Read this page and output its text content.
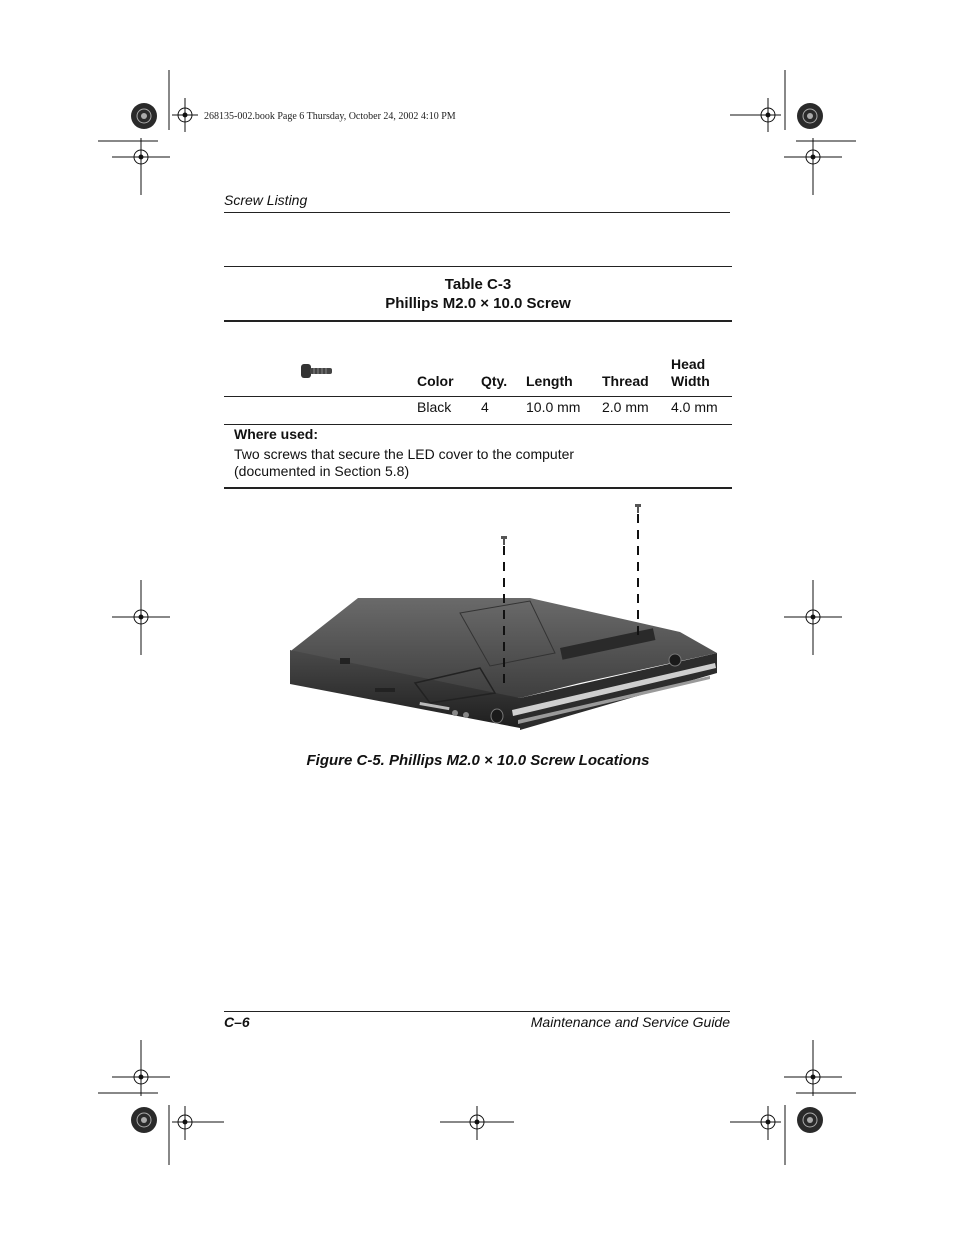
268135-002.book Page 6 Thursday, October 24, 2002 4:10 PM
Screw Listing
Table C-3
Phillips M2.0 × 10.0 Screw
Color Qty. Length Thread
Head
Width
Black 4	10.0 mm 2.0 mm 4.0 mm
Where used:
Two screws that secure the LED cover to the computer
(documented in Section 5.8)
Figure C-5. Phillips M2.0 × 10.0 Screw Locations
C–6	Maintenance and Service Guide
